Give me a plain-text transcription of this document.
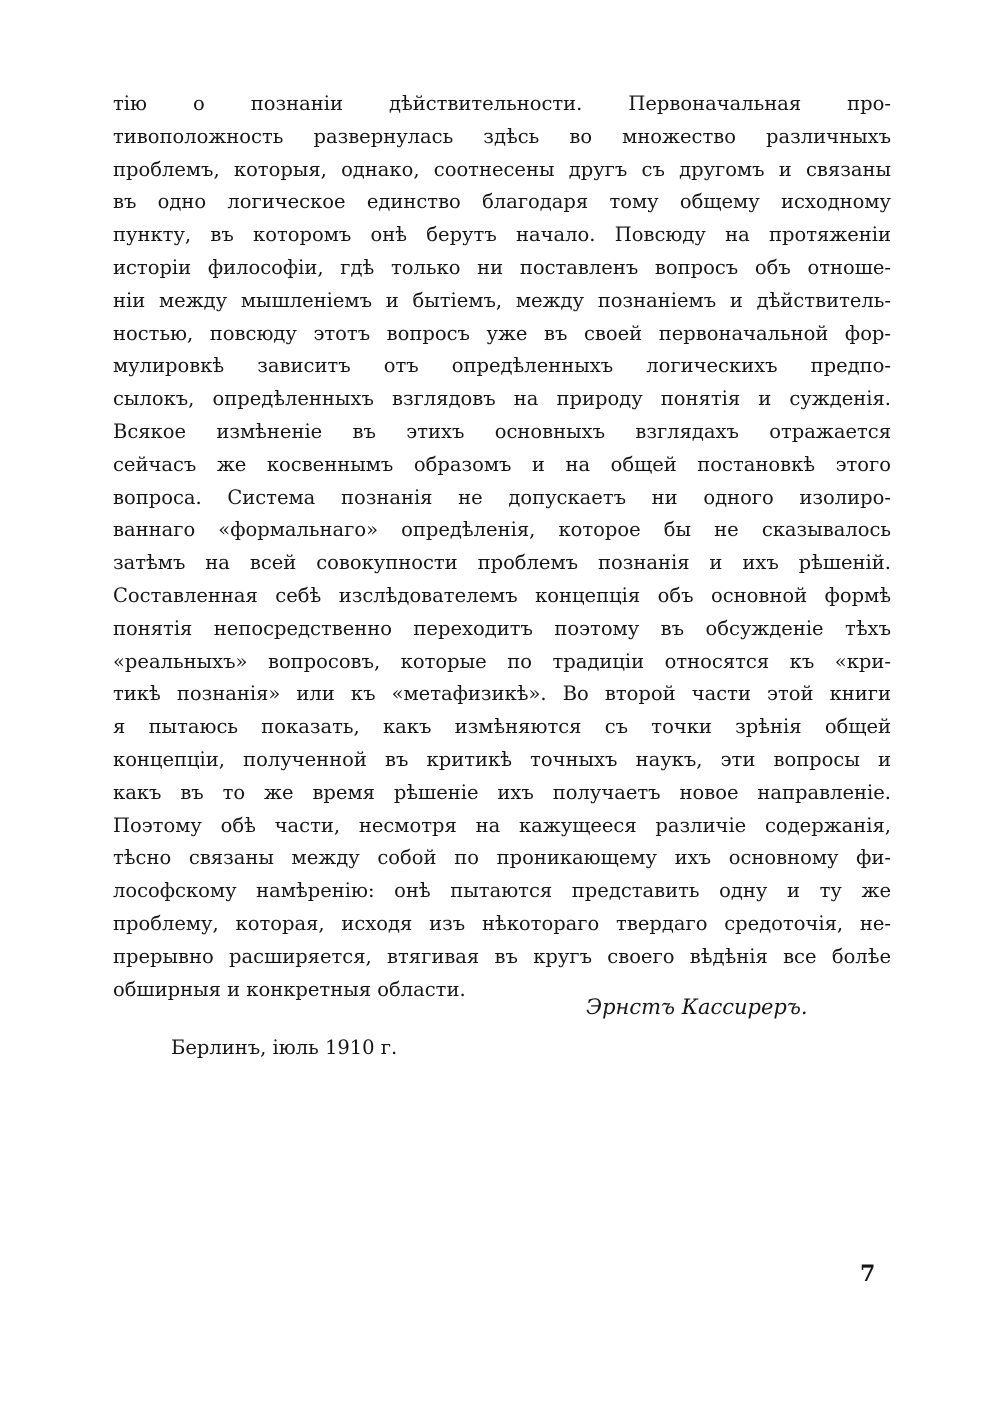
тію о познаніи дѣйствительности. Первоначальная про-
тивоположность развернулась здѣсь во множество различныхъ
проблемъ, которыя, однако, соотнесены другъ съ другомъ и связаны
въ одно логическое единство благодаря тому общему исходному
пункту, въ которомъ онѣ берутъ начало. Повсюду на протяженіи
исторіи философіи, гдѣ только ни поставленъ вопросъ объ отноше-
ніи между мышленіемъ и бытіемъ, между познаніемъ и дѣйствитель-
ностью, повсюду этотъ вопросъ уже въ своей первоначальной фор-
мулировкѣ зависитъ отъ опредѣленныхъ логическихъ предпо-
сылокъ, опредѣленныхъ взглядовъ на природу понятія и сужденія.
Всякое измѣненіе въ этихъ основныхъ взглядахъ отражается
сейчасъ же косвеннымъ образомъ и на общей постановкѣ этого
вопроса. Система познанія не допускаетъ ни одного изолиро-
ваннаго «формальнаго» опредѣленія, которое бы не сказывалось
затѣмъ на всей совокупности проблемъ познанія и ихъ рѣшеній.
Составленная себѣ изслѣдователемъ концепція объ основной формѣ
понятія непосредственно переходитъ поэтому въ обсужденіе тѣхъ
«реальныхъ» вопросовъ, которые по традиціи относятся къ «кри-
тикѣ познанія» или къ «метафизикѣ». Во второй части этой книги
я пытаюсь показать, какъ измѣняются съ точки зрѣнія общей
концепціи, полученной въ критикѣ точныхъ наукъ, эти вопросы и
какъ въ то же время рѣшеніе ихъ получаетъ новое направленіе.
Поэтому обѣ части, несмотря на кажущееся различіе содержанія,
тѣсно связаны между собой по проникающему ихъ основному фи-
лософскому намѣренію: онѣ пытаются представить одну и ту же
проблему, которая, исходя изъ нѣкотораго твердаго средоточія, не-
прерывно расширяется, втягивая въ кругъ своего вѣдѣнія все болѣе
обширныя и конкретныя области.
Эрнстъ Кассиреръ.
Берлинъ, іюль 1910 г.
7
